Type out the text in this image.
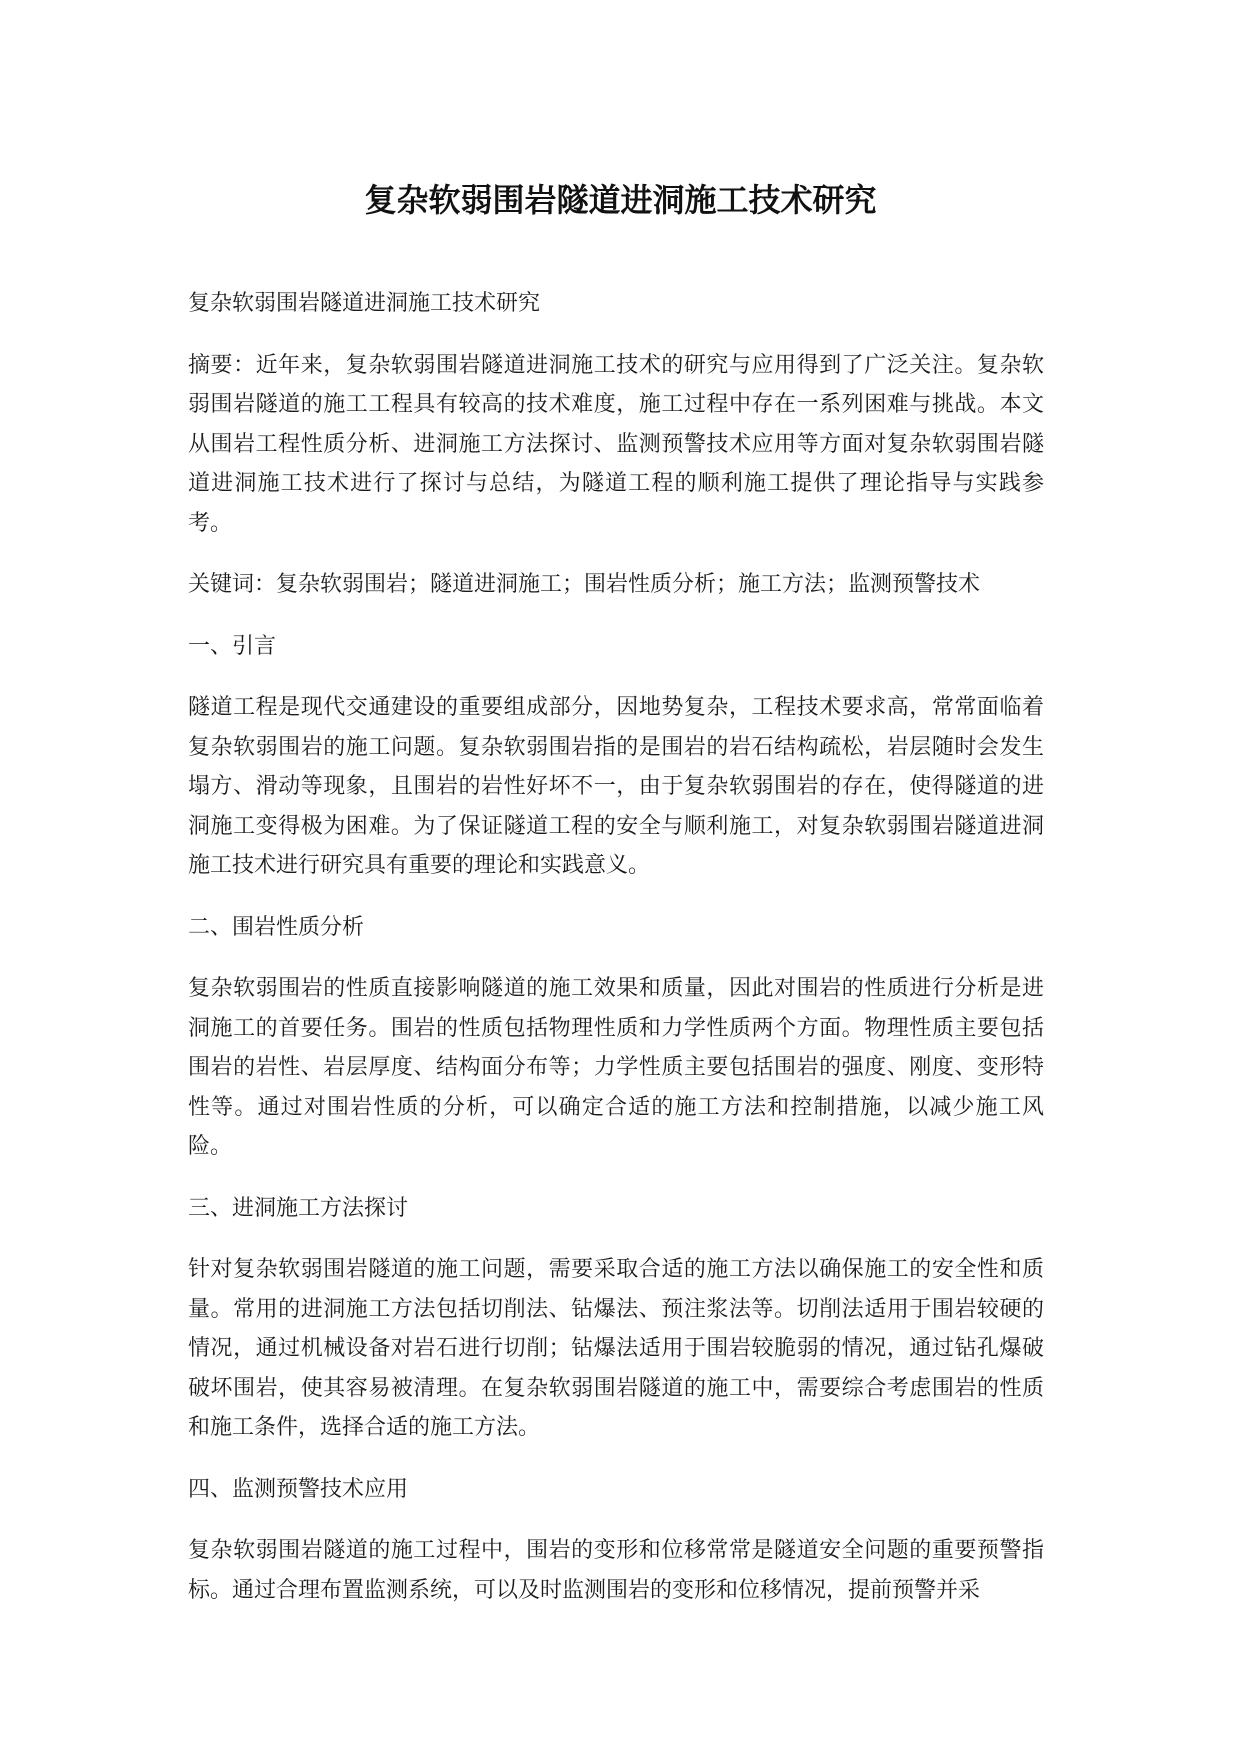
复杂软弱围岩隧道进洞施工技术研究

复杂软弱围岩隧道进洞施工技术研究

摘要：近年来，复杂软弱围岩隧道进洞施工技术的研究与应用得到了广泛关注。复杂软弱围岩隧道的施工工程具有较高的技术难度，施工过程中存在一系列困难与挑战。本文从围岩工程性质分析、进洞施工方法探讨、监测预警技术应用等方面对复杂软弱围岩隧道进洞施工技术进行了探讨与总结，为隧道工程的顺利施工提供了理论指导与实践参考。

关键词：复杂软弱围岩；隧道进洞施工；围岩性质分析；施工方法；监测预警技术

一、引言

隧道工程是现代交通建设的重要组成部分，因地势复杂，工程技术要求高，常常面临着复杂软弱围岩的施工问题。复杂软弱围岩指的是围岩的岩石结构疏松，岩层随时会发生塌方、滑动等现象，且围岩的岩性好坏不一，由于复杂软弱围岩的存在，使得隧道的进洞施工变得极为困难。为了保证隧道工程的安全与顺利施工，对复杂软弱围岩隧道进洞施工技术进行研究具有重要的理论和实践意义。

二、围岩性质分析

复杂软弱围岩的性质直接影响隧道的施工效果和质量，因此对围岩的性质进行分析是进洞施工的首要任务。围岩的性质包括物理性质和力学性质两个方面。物理性质主要包括围岩的岩性、岩层厚度、结构面分布等；力学性质主要包括围岩的强度、刚度、变形特性等。通过对围岩性质的分析，可以确定合适的施工方法和控制措施，以减少施工风险。

三、进洞施工方法探讨

针对复杂软弱围岩隧道的施工问题，需要采取合适的施工方法以确保施工的安全性和质量。常用的进洞施工方法包括切削法、钻爆法、预注浆法等。切削法适用于围岩较硬的情况，通过机械设备对岩石进行切削；钻爆法适用于围岩较脆弱的情况，通过钻孔爆破破坏围岩，使其容易被清理。在复杂软弱围岩隧道的施工中，需要综合考虑围岩的性质和施工条件，选择合适的施工方法。

四、监测预警技术应用

复杂软弱围岩隧道的施工过程中，围岩的变形和位移常常是隧道安全问题的重要预警指标。通过合理布置监测系统，可以及时监测围岩的变形和位移情况，提前预警并采
